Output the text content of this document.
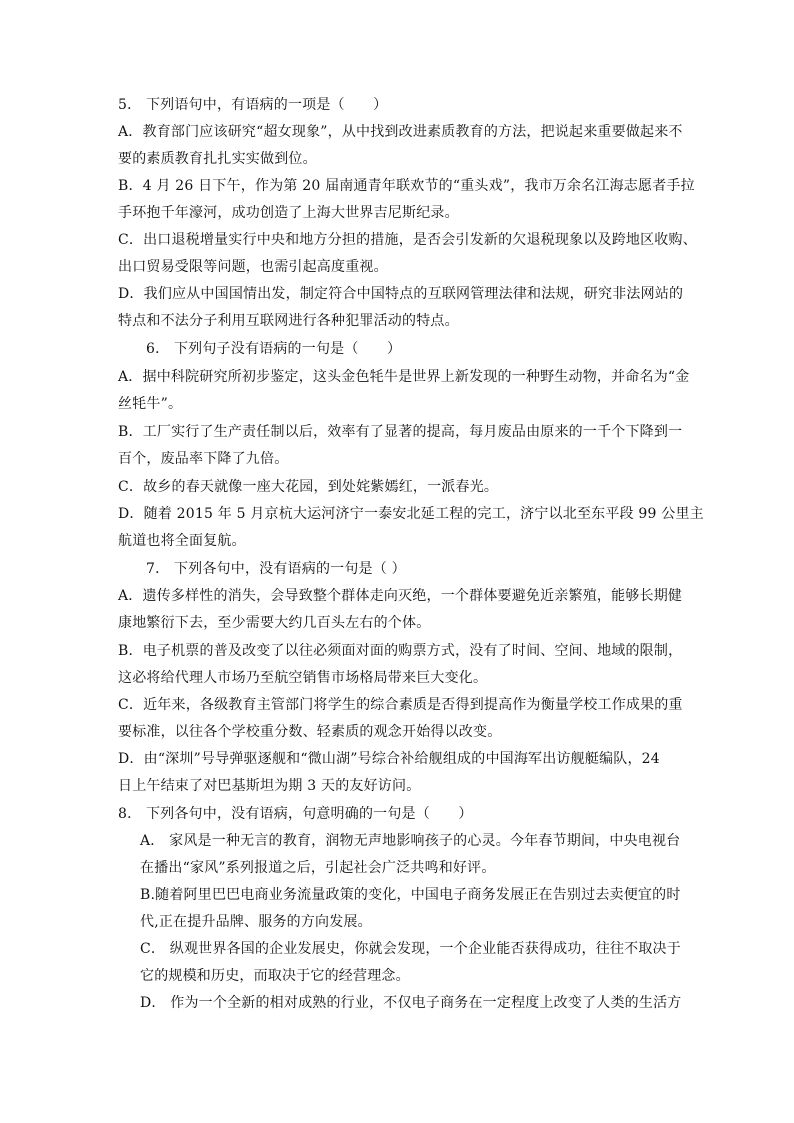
5． 下列语句中，有语病的一项是（　　）
A．教育部门应该研究“超女现象”，从中找到改进素质教育的方法，把说起来重要做起来不
要的素质教育扎扎实实做到位。
B．4 月 26 日下午，作为第 20 届南通青年联欢节的“重头戏”，我市万余名江海志愿者手拉
手环抱千年濠河，成功创造了上海大世界吉尼斯纪录。
C．出口退税增量实行中央和地方分担的措施，是否会引发新的欠退税现象以及跨地区收购、
出口贸易受限等问题，也需引起高度重视。
D．我们应从中国国情出发，制定符合中国特点的互联网管理法律和法规，研究非法网站的
特点和不法分子利用互联网进行各种犯罪活动的特点。
6． 下列句子没有语病的一句是（　　）
A．据中科院研究所初步鉴定，这头金色牦牛是世界上新发现的一种野生动物，并命名为“金
丝牦牛”。
B．工厂实行了生产责任制以后，效率有了显著的提高，每月废品由原来的一千个下降到一
百个，废品率下降了九倍。
C．故乡的春天就像一座大花园，到处姹紫嫣红，一派春光。
D．随着 2015 年 5 月京杭大运河济宁一泰安北延工程的完工，济宁以北至东平段 99 公里主
航道也将全面复航。
7． 下列各句中，没有语病的一句是（ ）
A．遗传多样性的消失，会导致整个群体走向灭绝，一个群体要避免近亲繁殖，能够长期健
康地繁衍下去，至少需要大约几百头左右的个体。
B．电子机票的普及改变了以往必须面对面的购票方式，没有了时间、空间、地域的限制，
这必将给代理人市场乃至航空销售市场格局带来巨大变化。
C．近年来，各级教育主管部门将学生的综合素质是否得到提高作为衡量学校工作成果的重
要标准，以往各个学校重分数、轻素质的观念开始得以改变。
D．由“深圳”号导弹驱逐舰和“微山湖”号综合补给舰组成的中国海军出访舰艇编队，24
日上午结束了对巴基斯坦为期 3 天的友好访问。
8． 下列各句中，没有语病，句意明确的一句是（　　）
A． 家风是一种无言的教育，润物无声地影响孩子的心灵。今年春节期间，中央电视台
在播出“家风”系列报道之后，引起社会广泛共鸣和好评。
B.随着阿里巴巴电商业务流量政策的变化，中国电子商务发展正在告别过去卖便宜的时
代,正在提升品牌、服务的方向发展。
C． 纵观世界各国的企业发展史，你就会发现，一个企业能否获得成功，往往不取决于
它的规模和历史，而取决于它的经营理念。
D． 作为一个全新的相对成熟的行业，不仅电子商务在一定程度上改变了人类的生活方
